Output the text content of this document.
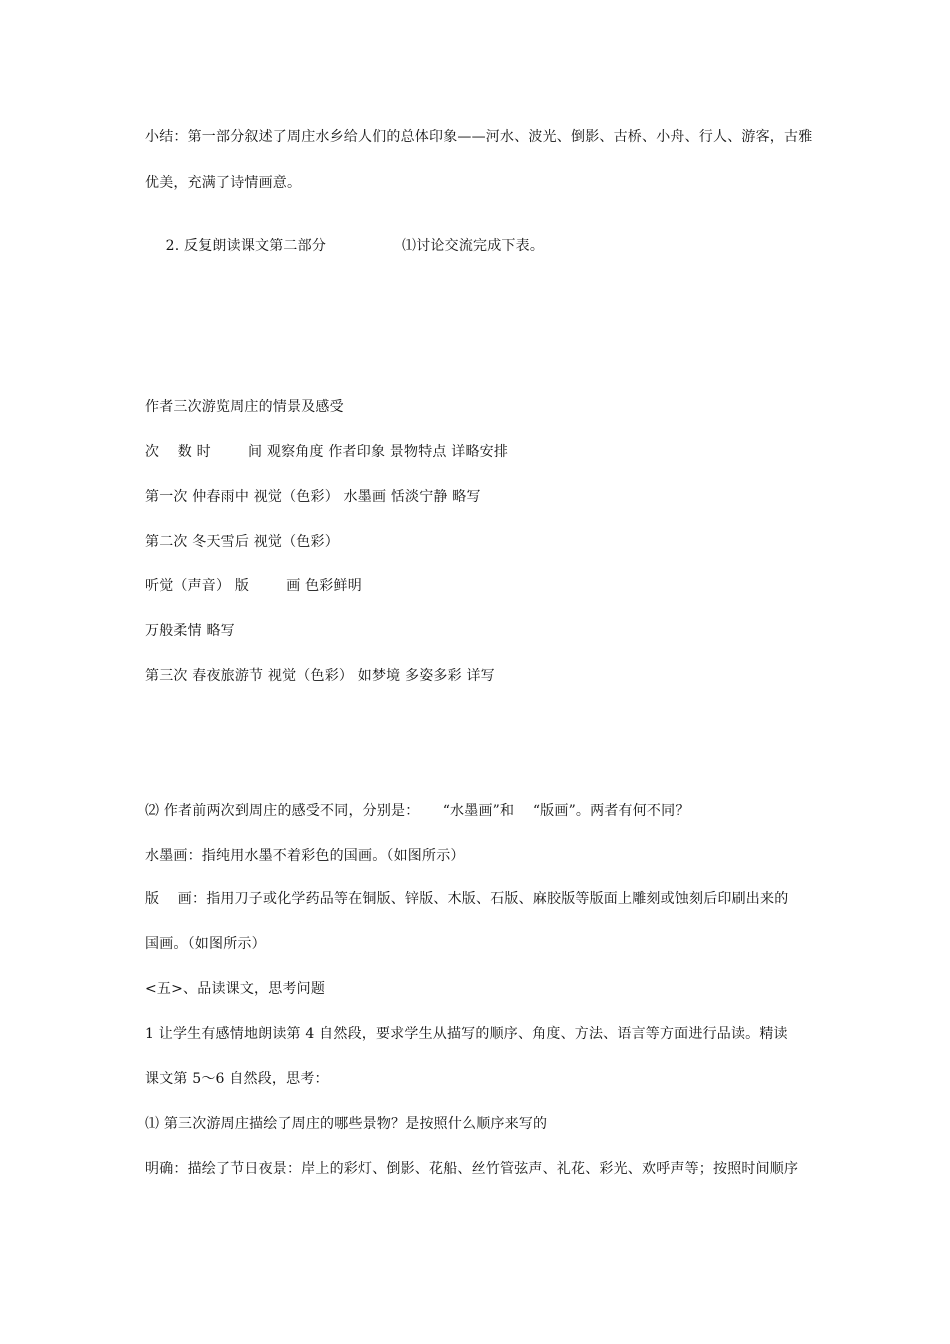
小结：第一部分叙述了周庄水乡给人们的总体印象——河水、波光、倒影、古桥、小舟、行人、游客，古雅
优美，充满了诗情画意。

2. 反复朗读课文第二部分	⑴讨论交流完成下表。

作者三次游览周庄的情景及感受
次    数 时        间 观察角度 作者印象 景物特点 详略安排
第一次 仲春雨中 视觉（色彩） 水墨画 恬淡宁静 略写
第二次 冬天雪后 视觉（色彩）
听觉（声音） 版        画 色彩鲜明
万般柔情 略写
第三次 春夜旅游节 视觉（色彩） 如梦境 多姿多彩 详写
⑵ 作者前两次到周庄的感受不同，分别是：     “水墨画”和    “版画”。两者有何不同？
水墨画：指纯用水墨不着彩色的国画。（如图所示）
版    画：指用刀子或化学药品等在铜版、锌版、木版、石版、麻胶版等版面上雕刻或蚀刻后印刷出来的
国画。（如图所示）
<五>、品读课文，思考问题
1 让学生有感情地朗读第 4 自然段，要求学生从描写的顺序、角度、方法、语言等方面进行品读。精读
课文第 5～6 自然段，思考：
⑴ 第三次游周庄描绘了周庄的哪些景物？是按照什么顺序来写的
明确：描绘了节日夜景：岸上的彩灯、倒影、花船、丝竹管弦声、礼花、彩光、欢呼声等；按照时间顺序
